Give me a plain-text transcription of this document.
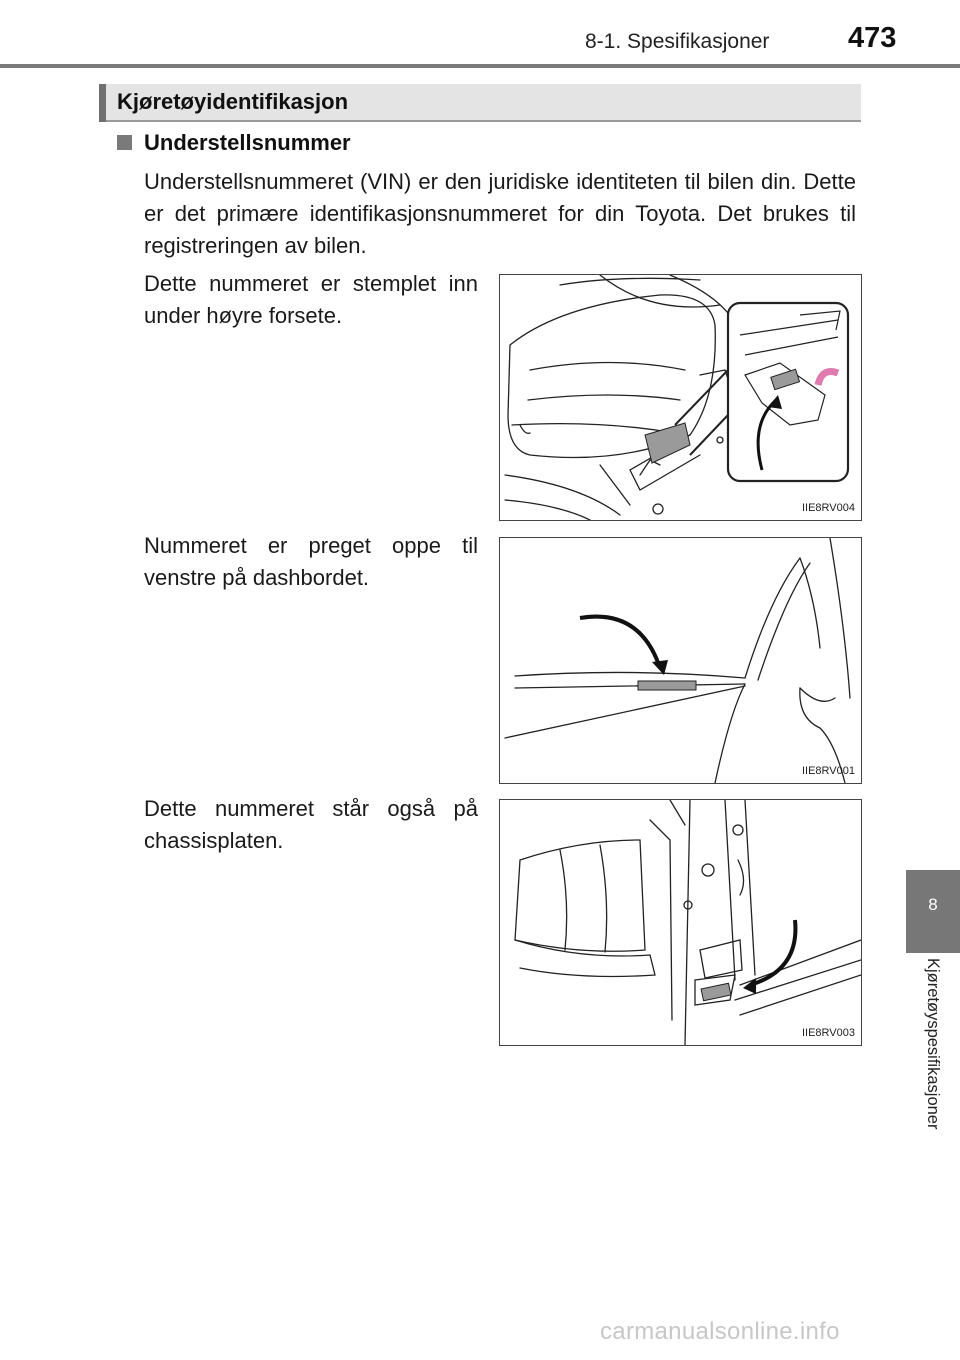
8-1. Spesifikasjoner	473
Kjøretøyidentifikasjon
Understellsnummer
Understellsnummeret (VIN) er den juridiske identiteten til bilen din. Dette er det primære identifikasjonsnummeret for din Toyota. Det brukes til registreringen av bilen.
Dette nummeret er stemplet inn under høyre forsete.
Nummeret er preget oppe til venstre på dashbordet.
Dette nummeret står også på chassisplaten.
IIE8RV004
IIE8RV001
IIE8RV003
8
Kjøretøyspesifikasjoner
carmanualsonline.info
